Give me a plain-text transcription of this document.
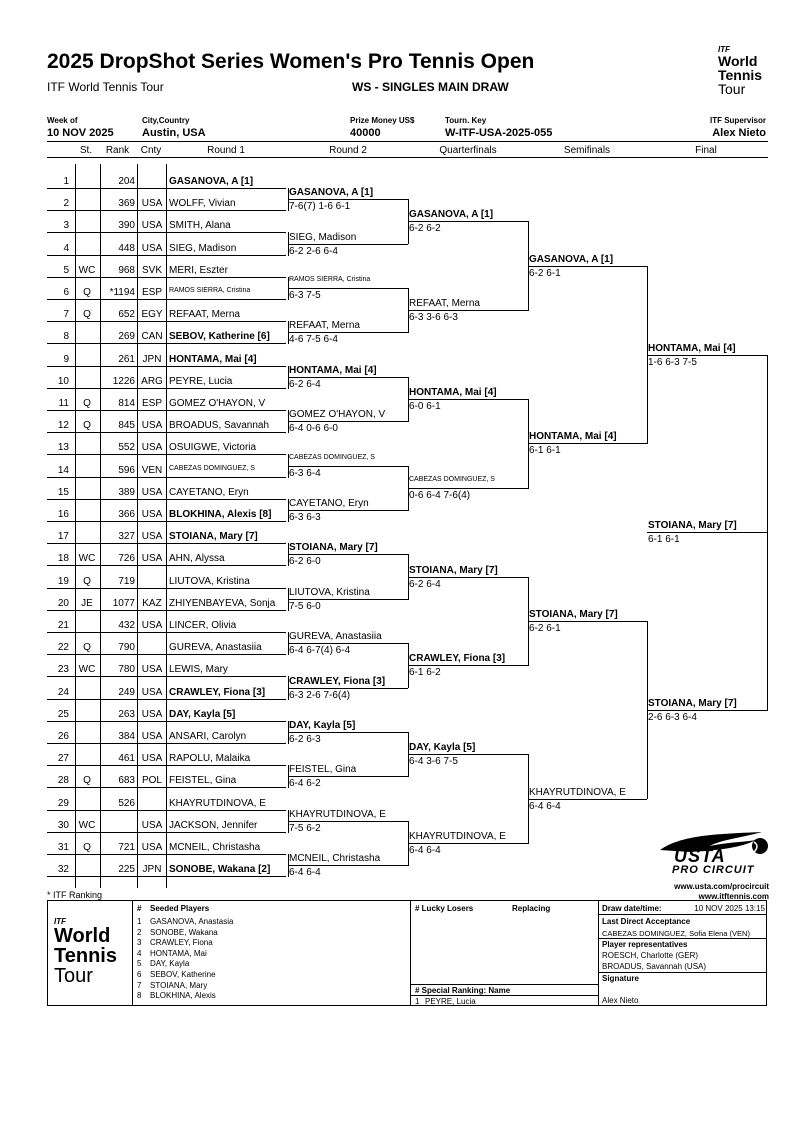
2025 DropShot Series Women's Pro Tennis Open
ITF World Tennis Tour	WS - SINGLES MAIN DRAW
ITF
World
Tennis
Tour
Week of
10 NOV 2025
City,Country
Austin, USA
Prize Money US$
40000
Tourn. Key
W-ITF-USA-2025-055
ITF Supervisor
Alex Nieto
St.	Rank	Cnty	Round 1	Round 2	Quarterfinals	Semifinals	Final
1	204	GASANOVA, A [1]
2	369 USA WOLFF, Vivian
3	390 USA SMITH, Alana
4	448 USA SIEG, Madison
5 WC	968 SVK MERI, Eszter
6	Q	*1194 ESP	RAMOS SIERRA, Cristina
7	Q	652 EGY REFAAT, Merna
8	269 CAN SEBOV, Katherine [6]
9	261 JPN HONTAMA, Mai [4]
10	1226 ARG PEYRE, Lucia
11	Q	814 ESP GOMEZ O'HAYON, V
12	Q	845 USA BROADUS, Savannah
13	552 USA OSUIGWE, Victoria
14	596 VEN CABEZAS DOMINGUEZ, S
15	389 USA CAYETANO, Eryn
16	366 USA BLOKHINA, Alexis [8]
17	327 USA STOIANA, Mary [7]
18 WC	726 USA AHN, Alyssa
19	Q	719	LIUTOVA, Kristina
20	JE	1077 KAZ ZHIYENBAYEVA, Sonja
21	432 USA LINCER, Olivia
22	Q	790	GUREVA, Anastasiia
23 WC	780 USA LEWIS, Mary
24	249 USA CRAWLEY, Fiona [3]
25	263 USA DAY, Kayla [5]
26	384 USA ANSARI, Carolyn
27	461 USA RAPOLU, Malaika
28	Q	683 POL FEISTEL, Gina
29	526	KHAYRUTDINOVA, E
30 WC	USA JACKSON, Jennifer
31	Q	721 USA MCNEIL, Christasha
32	225 JPN SONOBE, Wakana [2]
GASANOVA, A [1]
7-6(7) 1-6 6-1
SIEG, Madison
6-2 2-6 6-4
RAMOS SIERRA, Cristina
6-3 7-5
REFAAT, Merna
4-6 7-5 6-4
HONTAMA, Mai [4]
6-2 6-4
GOMEZ O'HAYON, V
6-4 0-6 6-0
CABEZAS DOMINGUEZ, S
6-3 6-4
CAYETANO, Eryn
6-3 6-3
STOIANA, Mary [7]
6-2 6-0
LIUTOVA, Kristina
7-5 6-0
GUREVA, Anastasiia
6-4 6-7(4) 6-4
CRAWLEY, Fiona [3]
6-3 2-6 7-6(4)
DAY, Kayla [5]
6-2 6-3
FEISTEL, Gina
6-4 6-2
KHAYRUTDINOVA, E
7-5 6-2
MCNEIL, Christasha
6-4 6-4
GASANOVA, A [1]
6-2 6-2
REFAAT, Merna
6-3 3-6 6-3
HONTAMA, Mai [4]
6-0 6-1
CABEZAS DOMINGUEZ, S
0-6 6-4 7-6(4)
STOIANA, Mary [7]
6-2 6-4
CRAWLEY, Fiona [3]
6-1 6-2
DAY, Kayla [5]
6-4 3-6 7-5
KHAYRUTDINOVA, E
6-4 6-4
GASANOVA, A [1]
6-2 6-1
HONTAMA, Mai [4]
6-1 6-1
STOIANA, Mary [7]
6-2 6-1
KHAYRUTDINOVA, E
6-4 6-4
HONTAMA, Mai [4]
1-6 6-3 7-5
STOIANA, Mary [7]
2-6 6-3 6-4
STOIANA, Mary [7]
6-1 6-1
USTA
PRO CIRCUIT
www.usta.com/procircuit
www.itftennis.com
* ITF Ranking
ITF
World
Tennis
Tour
# Seeded Players
1 GASANOVA, Anastasia
2 SONOBE, Wakana
3 CRAWLEY, Fiona
4 HONTAMA, Mai
5 DAY, Kayla
6 SEBOV, Katherine
7 STOIANA, Mary
8 BLOKHINA, Alexis
# Lucky Losers	Replacing
# Special Ranking: Name
1 PEYRE, Lucia
Draw date/time:	10 NOV 2025 13:15
Last Direct Acceptance
CABEZAS DOMINGUEZ, Sofia Elena (VEN)
Player representatives
ROESCH, Charlotte (GER)
BROADUS, Savannah (USA)
Signature
Alex Nieto
